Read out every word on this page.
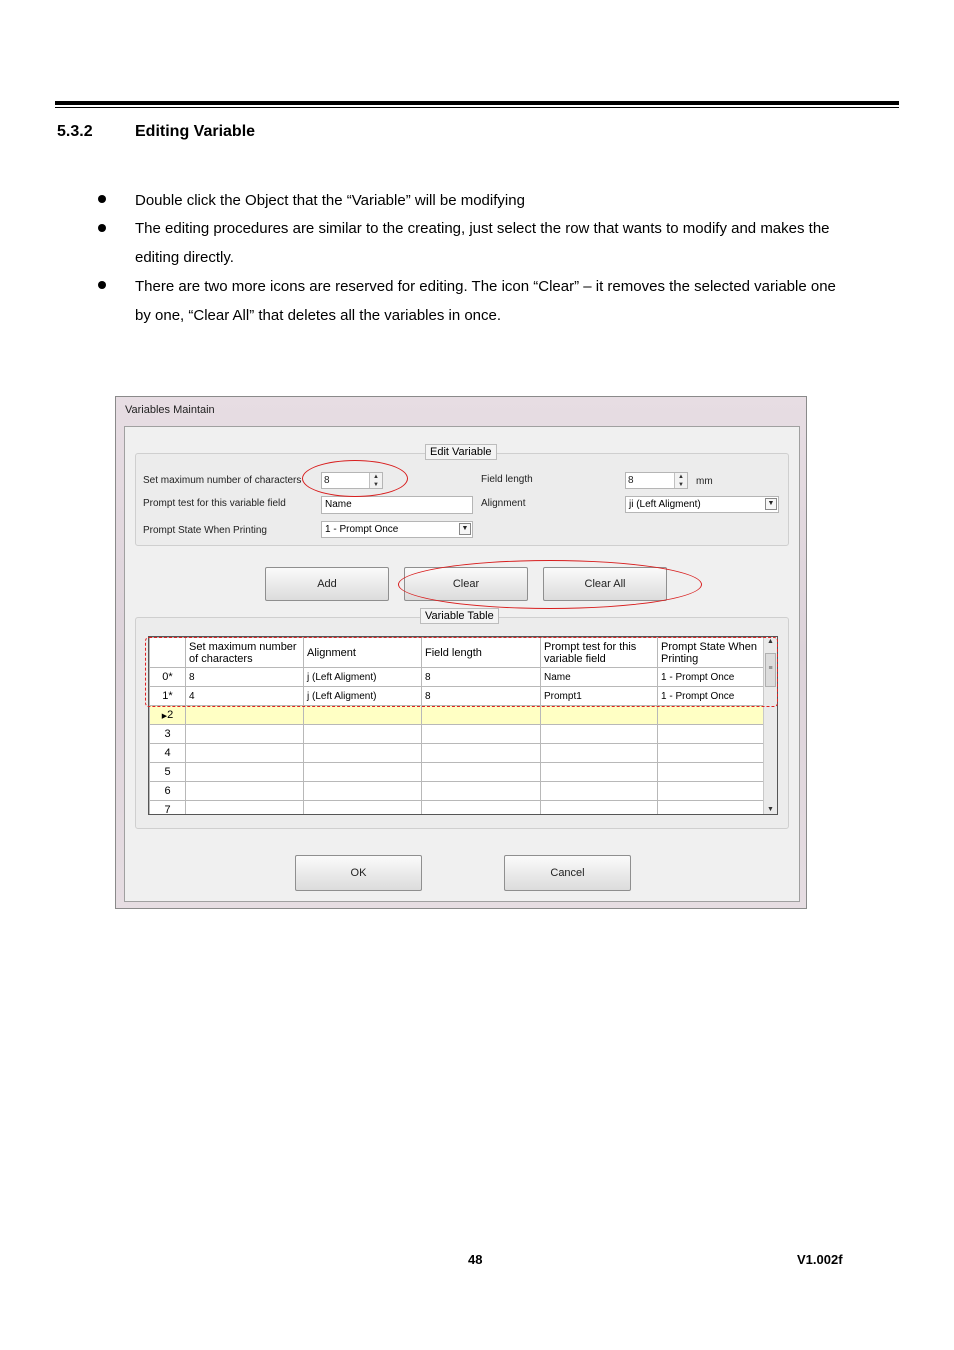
5.3.2	Editing Variable
Double click the Object that the “Variable” will be modifying
The editing procedures are similar to the creating, just select the row that wants to modify and makes the
editing directly.
There are two more icons are reserved for editing. The icon “Clear” – it removes the selected variable one
by one, “Clear All” that deletes all the variables in once.
Variables Maintain
Edit Variable
Set maximum number of characters 8	▲
▼
Prompt test for this variable field	Name
Prompt State When Printing	1 - Prompt Once	▼
Field length	8	▲
▼	mm
Alignment	ji (Left Aligment)	▼
Add	Clear	Clear All
Variable Table
	Set maximum number of characters	Alignment	Field length	Prompt test for this variable field	Prompt State When Printing
0*	8	j (Left Aligment)	8	Name	1 - Prompt Once
1*	4	j (Left Aligment)	8	Prompt1	1 - Prompt Once
▶2					
3					
4					
5					
6					
7					
▲
≡
▼
OK	Cancel
48	V1.002f
